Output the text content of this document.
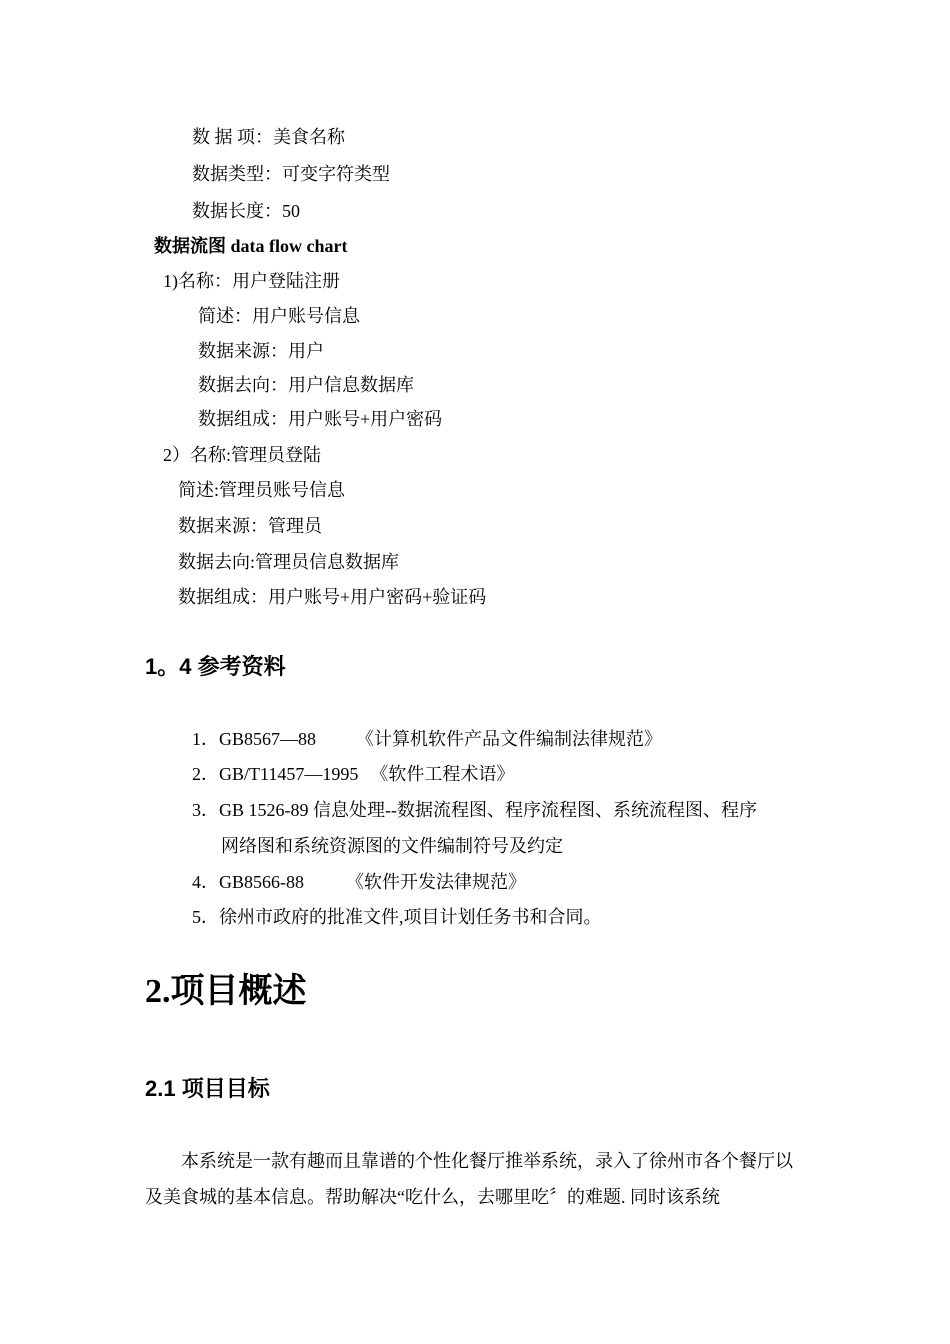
数 据 项：美食名称
数据类型：可变字符类型
数据长度：50
数据流图 data flow chart
1)名称：用户登陆注册
简述：用户账号信息
数据来源：用户
数据去向：用户信息数据库
数据组成：用户账号+用户密码
2）名称:管理员登陆
简述:管理员账号信息
数据来源：管理员
数据去向:管理员信息数据库
数据组成：用户账号+用户密码+验证码
1。4 参考资料
1．GB8567—88 《计算机软件产品文件编制法律规范》
2．GB/T11457—1995 《软件工程术语》
3．GB 1526-89 信息处理--数据流程图、程序流程图、系统流程图、程序
网络图和系统资源图的文件编制符号及约定
4．GB8566-88 《软件开发法律规范》
5．徐州市政府的批准文件,项目计划任务书和合同。
2.项目概述
2.1 项目目标
本系统是一款有趣而且靠谱的个性化餐厅推举系统，录入了徐州市各个餐厅以及美食城的基本信息。帮助解决“吃什么，去哪里吃〞的难题. 同时该系统
